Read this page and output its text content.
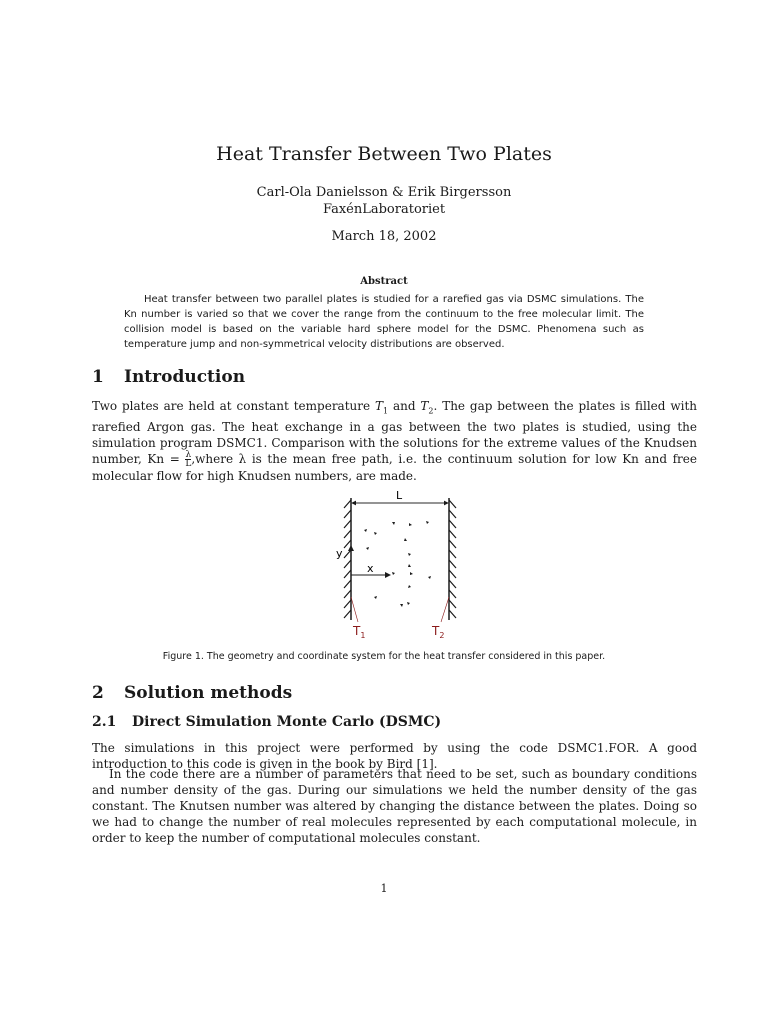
Heat Transfer Between Two Plates
Carl-Ola Danielsson & Erik Birgersson
FaxénLaboratoriet
March 18, 2002
Abstract

Heat transfer between two parallel plates is studied for a rarefied gas via DSMC simulations. The Kn number is varied so that we cover the range from the continuum to the free molecular limit. The collision model is based on the variable hard sphere model for the DSMC. Phenomena such as temperature jump and non-symmetrical velocity distributions are observed.

1 Introduction

Two plates are held at constant temperature $T_1$ and $T_2$. The gap between the plates is filled with rarefied Argon gas. The heat exchange in a gas between the two plates is studied, using the simulation program DSMC1. Comparison with the solutions for the extreme values of the Knudsen number, $Kn = \frac{\lambda}{L}$ ,where λ is the mean free path, i.e. the continuum solution for low Kn and free molecular flow for high Knudsen numbers, are made.

L
y
x
$T_1$	$T_2$
Figure 1. The geometry and coordinate system for the heat transfer considered in this paper.
2 Solution methods
2.1 Direct Simulation Monte Carlo (DSMC)

The simulations in this project were performed by using the code DSMC1.FOR. A good introduction to this code is given in the book by Bird [1].

In the code there are a number of parameters that need to be set, such as boundary conditions and number density of the gas. During our simulations we held the number density of the gas constant. The Knutsen number was altered by changing the distance between the plates. Doing so we had to change the number of real molecules represented by each computational molecule, in order to keep the number of computational molecules constant.

1
